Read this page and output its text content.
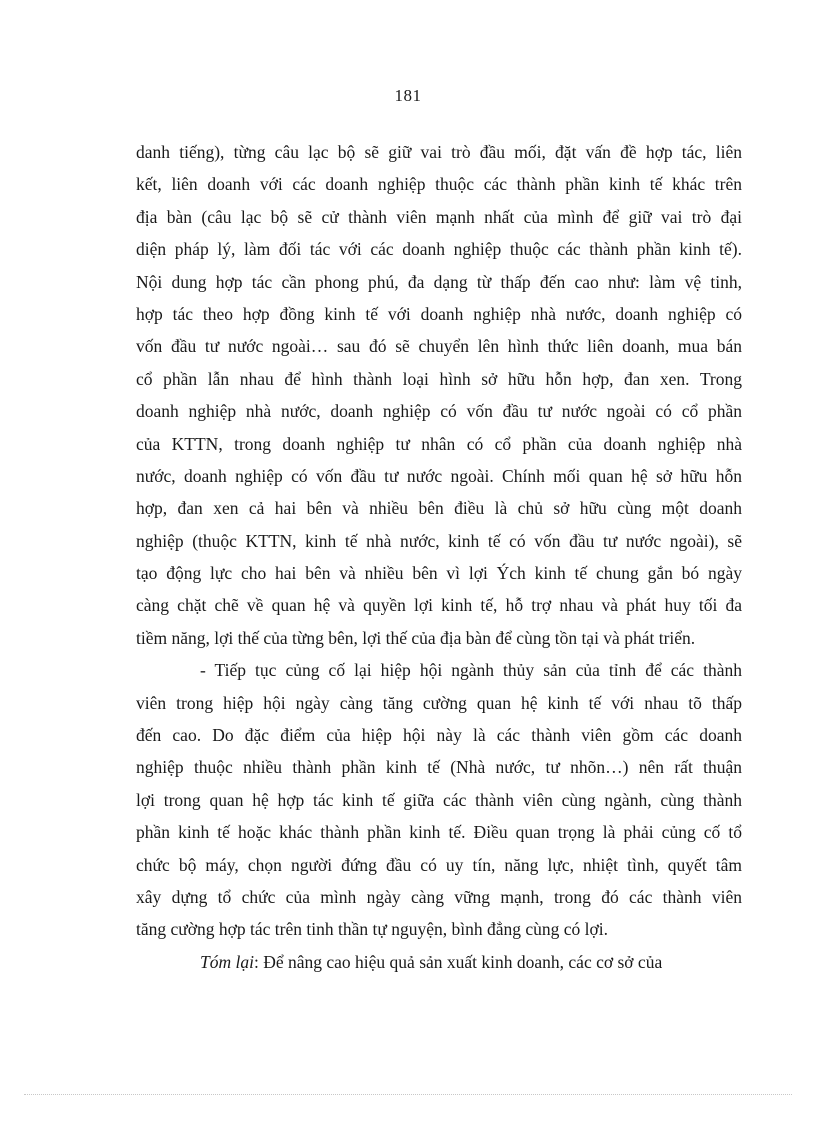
181
danh tiếng), từng câu lạc bộ sẽ giữ vai trò đầu mối, đặt vấn đề hợp tác, liên
kết, liên doanh với các doanh nghiệp thuộc các thành phần kinh tế khác trên
địa bàn (câu lạc bộ sẽ cử thành viên mạnh nhất của mình để giữ vai trò đại
diện pháp lý, làm đối tác với các doanh nghiệp thuộc các thành phần kinh tế).
Nội dung hợp tác cần phong phú, đa dạng từ thấp đến cao như: làm vệ tinh,
hợp tác theo hợp đồng kinh tế với doanh nghiệp nhà nước, doanh nghiệp có
vốn đầu tư nước ngoài… sau đó sẽ chuyển lên hình thức liên doanh, mua bán
cổ phần lẫn nhau để hình thành loại hình sở hữu hỗn hợp, đan xen. Trong
doanh nghiệp nhà nước, doanh nghiệp có vốn đầu tư nước ngoài có cổ phần
của KTTN, trong doanh nghiệp tư nhân có cổ phần của doanh nghiệp nhà
nước, doanh nghiệp có vốn đầu tư nước ngoài. Chính mối quan hệ sở hữu hỗn
hợp, đan xen cả hai bên và nhiều bên điều là chủ sở hữu cùng một doanh
nghiệp (thuộc KTTN, kinh tế nhà nước, kinh tế có vốn đầu tư nước ngoài), sẽ
tạo động lực cho hai bên và nhiều bên vì lợi Ých kinh tế chung gắn bó ngày
càng chặt chẽ về quan hệ và quyền lợi kinh tế, hỗ trợ nhau và phát huy tối đa
tiềm năng, lợi thế của từng bên, lợi thế của địa bàn để cùng tồn tại và phát triển.
- Tiếp tục củng cố lại hiệp hội ngành thủy sản của tỉnh để các thành
viên trong hiệp hội ngày càng tăng cường quan hệ kinh tế với nhau tõ thấp
đến cao. Do đặc điểm của hiệp hội này là các thành viên gồm các doanh
nghiệp thuộc nhiều thành phần kinh tế (Nhà nước, tư nhõn…) nên rất thuận
lợi trong quan hệ hợp tác kinh tế giữa các thành viên cùng ngành, cùng thành
phần kinh tế hoặc khác thành phần kinh tế. Điều quan trọng là phải củng cố tổ
chức bộ máy, chọn người đứng đầu có uy tín, năng lực, nhiệt tình, quyết tâm
xây dựng tổ chức của mình ngày càng vững mạnh, trong đó các thành viên
tăng cường hợp tác trên tinh thần tự nguyện, bình đẳng cùng có lợi.
Tóm lại: Để nâng cao hiệu quả sản xuất kinh doanh, các cơ sở của
